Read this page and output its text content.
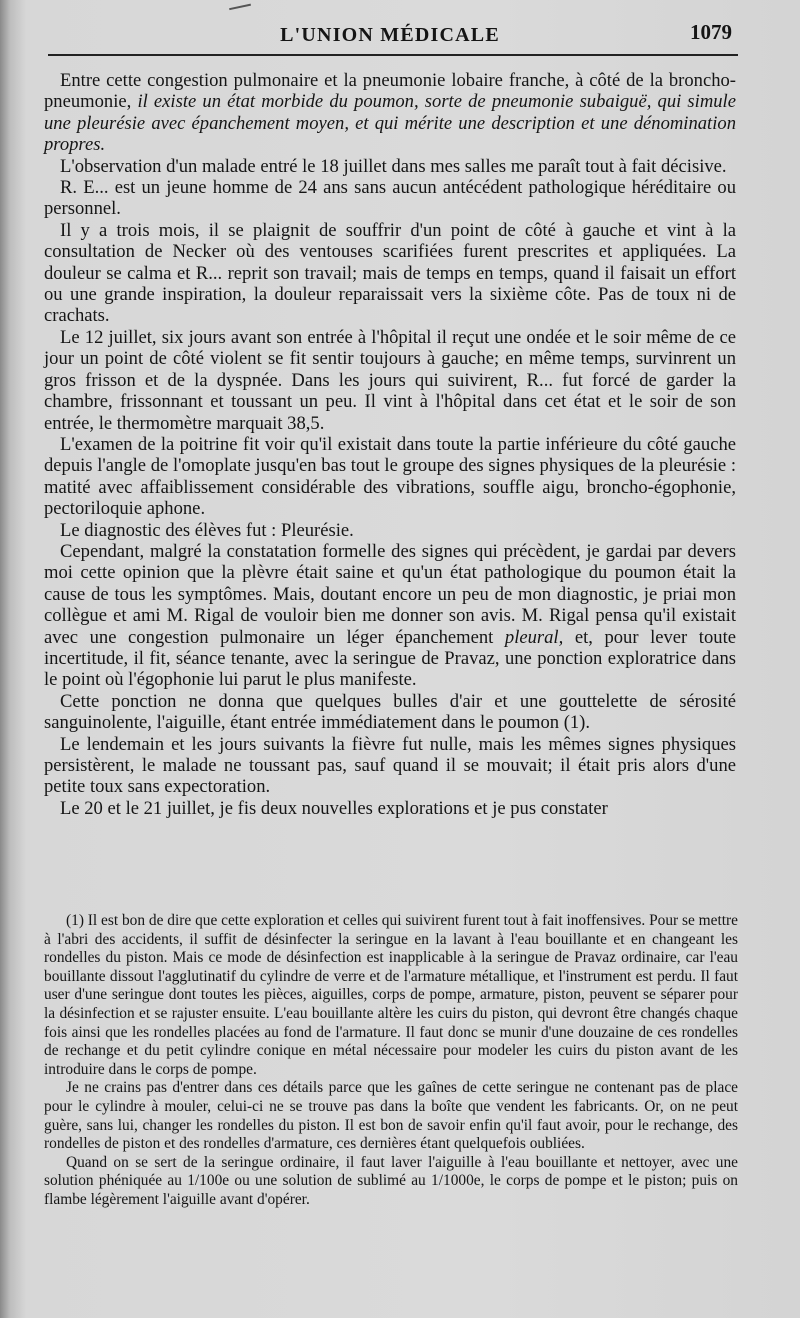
L'UNION MÉDICALE	1079

Entre cette congestion pulmonaire et la pneumonie lobaire franche, à côté de la broncho-pneumonie, il existe un état morbide du poumon, sorte de pneumonie subaiguë, qui simule une pleurésie avec épanchement moyen, et qui mérite une description et une dénomination propres.

L'observation d'un malade entré le 18 juillet dans mes salles me paraît tout à fait décisive.

R. E... est un jeune homme de 24 ans sans aucun antécédent pathologique héréditaire ou personnel.

Il y a trois mois, il se plaignit de souffrir d'un point de côté à gauche et vint à la consultation de Necker où des ventouses scarifiées furent prescrites et appliquées. La douleur se calma et R... reprit son travail; mais de temps en temps, quand il faisait un effort ou une grande inspiration, la douleur reparaissait vers la sixième côte. Pas de toux ni de crachats.

Le 12 juillet, six jours avant son entrée à l'hôpital il reçut une ondée et le soir même de ce jour un point de côté violent se fit sentir toujours à gauche; en même temps, survinrent un gros frisson et de la dyspnée. Dans les jours qui suivirent, R... fut forcé de garder la chambre, frissonnant et toussant un peu. Il vint à l'hôpital dans cet état et le soir de son entrée, le thermomètre marquait 38,5.

L'examen de la poitrine fit voir qu'il existait dans toute la partie inférieure du côté gauche depuis l'angle de l'omoplate jusqu'en bas tout le groupe des signes physiques de la pleurésie : matité avec affaiblissement considérable des vibrations, souffle aigu, broncho-égophonie, pectoriloquie aphone.

Le diagnostic des élèves fut : Pleurésie.

Cependant, malgré la constatation formelle des signes qui précèdent, je gardai par devers moi cette opinion que la plèvre était saine et qu'un état pathologique du poumon était la cause de tous les symptômes. Mais, doutant encore un peu de mon diagnostic, je priai mon collègue et ami M. Rigal de vouloir bien me donner son avis. M. Rigal pensa qu'il existait avec une congestion pulmonaire un léger épanchement pleural, et, pour lever toute incertitude, il fit, séance tenante, avec la seringue de Pravaz, une ponction exploratrice dans le point où l'égophonie lui parut le plus manifeste.

Cette ponction ne donna que quelques bulles d'air et une gouttelette de sérosité sanguinolente, l'aiguille, étant entrée immédiatement dans le poumon (1).

Le lendemain et les jours suivants la fièvre fut nulle, mais les mêmes signes physiques persistèrent, le malade ne toussant pas, sauf quand il se mouvait; il était pris alors d'une petite toux sans expectoration.

Le 20 et le 21 juillet, je fis deux nouvelles explorations et je pus constater

(1) Il est bon de dire que cette exploration et celles qui suivirent furent tout à fait inoffensives. Pour se mettre à l'abri des accidents, il suffit de désinfecter la seringue en la lavant à l'eau bouillante et en changeant les rondelles du piston. Mais ce mode de désinfection est inapplicable à la seringue de Pravaz ordinaire, car l'eau bouillante dissout l'agglutinatif du cylindre de verre et de l'armature métallique, et l'instrument est perdu. Il faut user d'une seringue dont toutes les pièces, aiguilles, corps de pompe, armature, piston, peuvent se séparer pour la désinfection et se rajuster ensuite. L'eau bouillante altère les cuirs du piston, qui devront être changés chaque fois ainsi que les rondelles placées au fond de l'armature. Il faut donc se munir d'une douzaine de ces rondelles de rechange et du petit cylindre conique en métal nécessaire pour modeler les cuirs du piston avant de les introduire dans le corps de pompe.

Je ne crains pas d'entrer dans ces détails parce que les gaînes de cette seringue ne contenant pas de place pour le cylindre à mouler, celui-ci ne se trouve pas dans la boîte que vendent les fabricants. Or, on ne peut guère, sans lui, changer les rondelles du piston. Il est bon de savoir enfin qu'il faut avoir, pour le rechange, des rondelles de piston et des rondelles d'armature, ces dernières étant quelquefois oubliées.

Quand on se sert de la seringue ordinaire, il faut laver l'aiguille à l'eau bouillante et nettoyer, avec une solution phéniquée au 1/100e ou une solution de sublimé au 1/1000e, le corps de pompe et le piston; puis on flambe légèrement l'aiguille avant d'opérer.
